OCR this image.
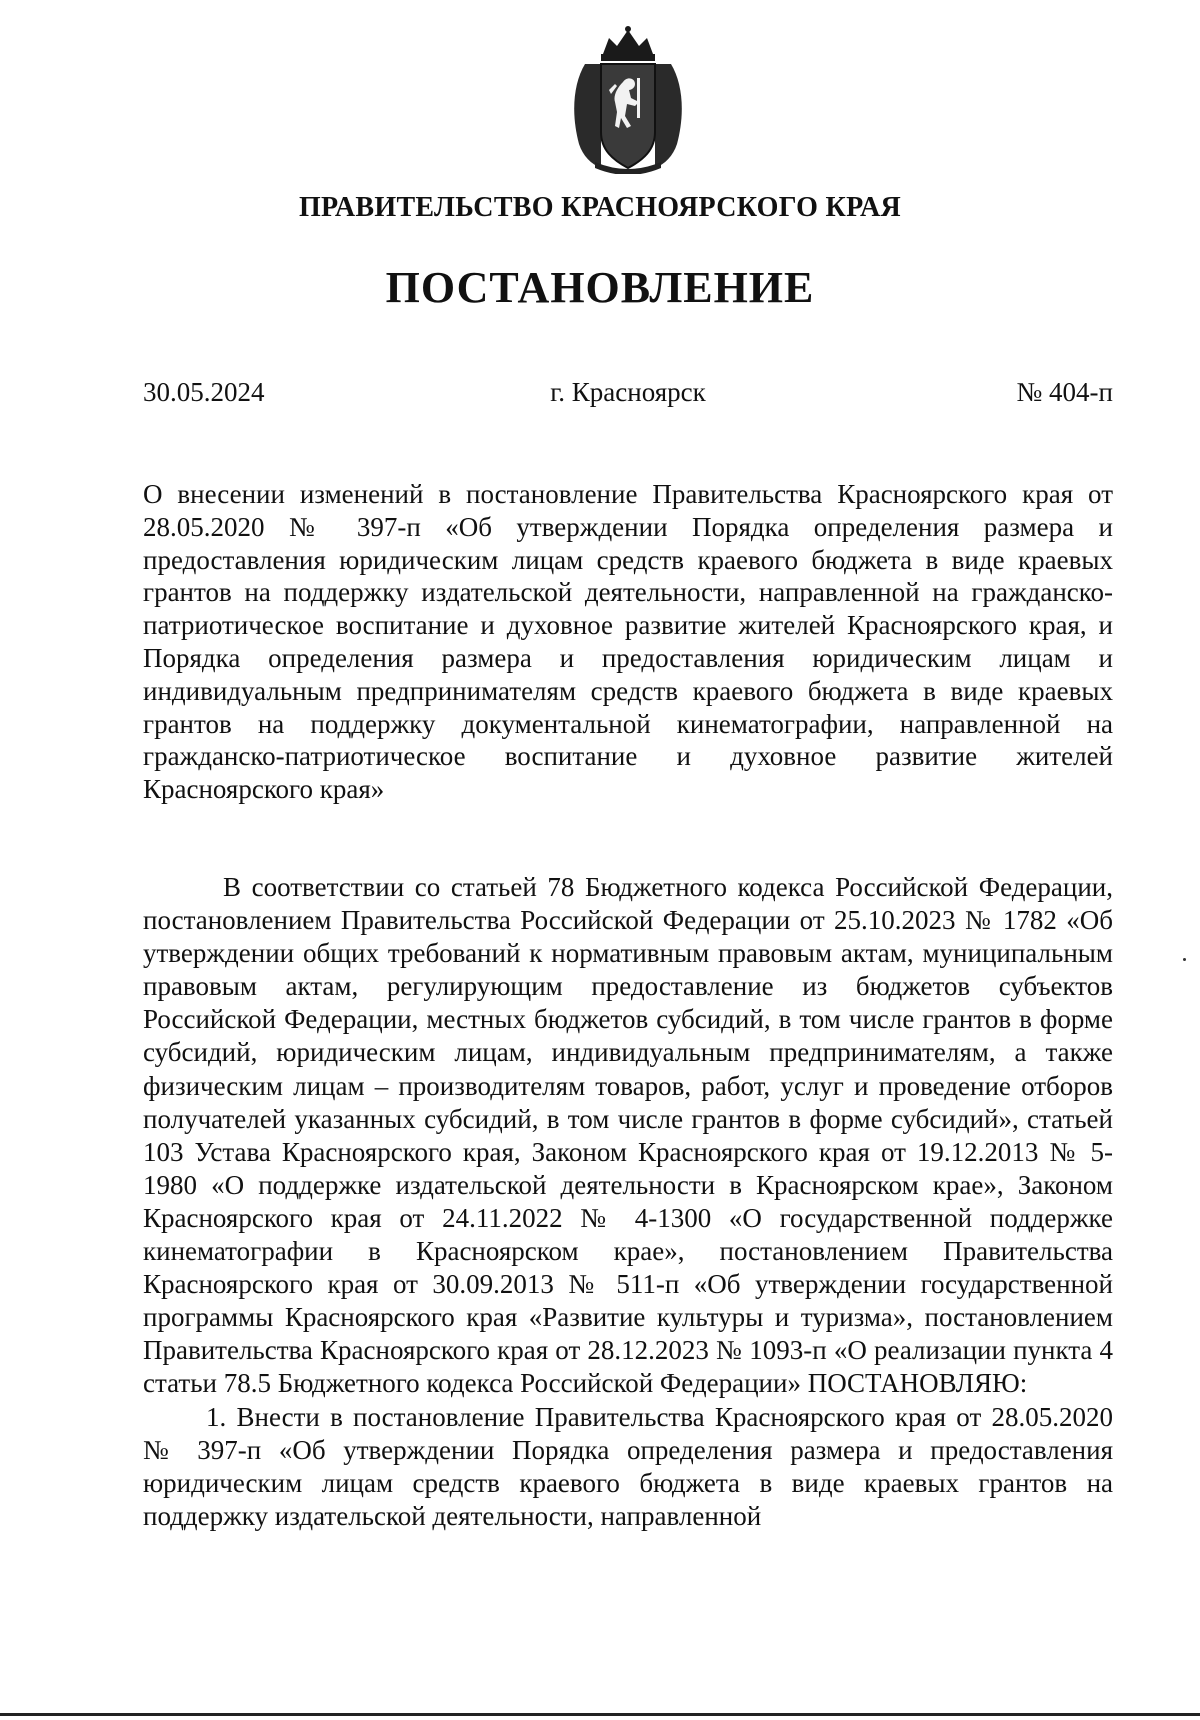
ПРАВИТЕЛЬСТВО КРАСНОЯРСКОГО КРАЯ
ПОСТАНОВЛЕНИЕ
г. Красноярск
30.05.2024	№ 404-п
О внесении изменений в постановление Правительства Красноярского края от 28.05.2020 № 397-п «Об утверждении Порядка определения размера и предоставления юридическим лицам средств краевого бюджета в виде краевых грантов на поддержку издательской деятельности, направленной на гражданско-патриотическое воспитание и духовное развитие жителей Красноярского края, и Порядка определения размера и предоставления юридическим лицам и индивидуальным предпринимателям средств краевого бюджета в виде краевых грантов на поддержку документальной кинематографии, направленной на гражданско-патриотическое воспитание и духовное развитие жителей Красноярского края»

В соответствии со статьей 78 Бюджетного кодекса Российской Федерации, постановлением Правительства Российской Федерации от 25.10.2023 № 1782 «Об утверждении общих требований к нормативным правовым актам, муниципальным правовым актам, регулирующим предоставление из бюджетов субъектов Российской Федерации, местных бюджетов субсидий, в том числе грантов в форме субсидий, юридическим лицам, индивидуальным предпринимателям, а также физическим лицам – производителям товаров, работ, услуг и проведение отборов получателей указанных субсидий, в том числе грантов в форме субсидий», статьей 103 Устава Красноярского края, Законом Красноярского края от 19.12.2013 № 5-1980 «О поддержке издательской деятельности в Красноярском крае», Законом Красноярского края от 24.11.2022 № 4-1300 «О государственной поддержке кинематографии в Красноярском крае», постановлением Правительства Красноярского края от 30.09.2013 № 511-п «Об утверждении государственной программы Красноярского края «Развитие культуры и туризма», постановлением Правительства Красноярского края от 28.12.2023 № 1093-п «О реализации пункта 4 статьи 78.5 Бюджетного кодекса Российской Федерации» ПОСТАНОВЛЯЮ:

1. Внести в постановление Правительства Красноярского края от 28.05.2020 № 397-п «Об утверждении Порядка определения размера и предоставления юридическим лицам средств краевого бюджета в виде краевых грантов на поддержку издательской деятельности, направленной
